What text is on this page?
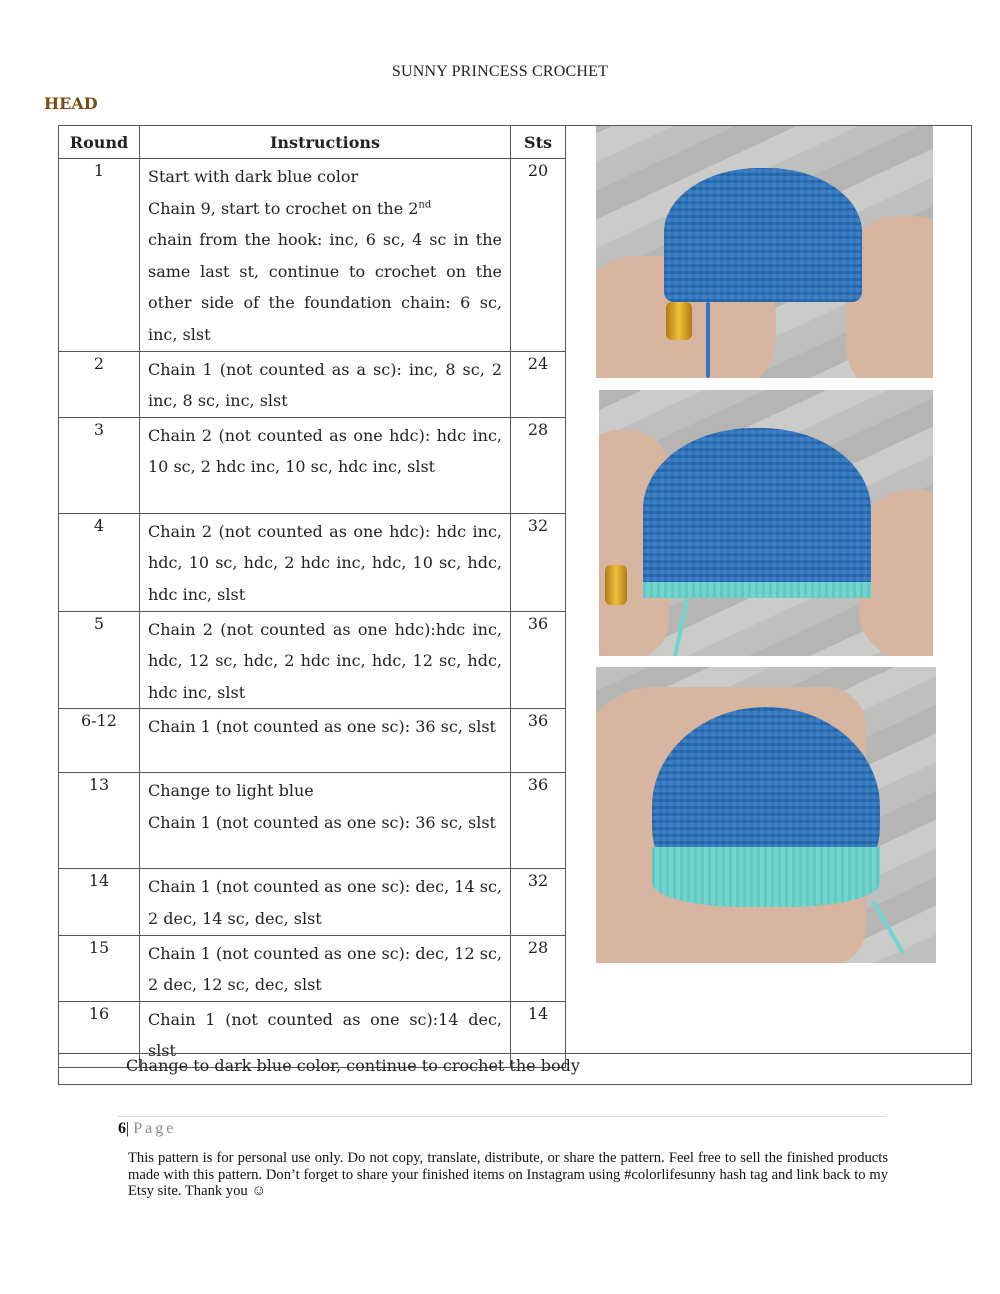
SUNNY PRINCESS CROCHET
HEAD
Round	Instructions	Sts
1	Start with dark blue color
Chain 9, start to crochet on the 2nd
chain from the hook: inc, 6 sc, 4 sc in the same last st, continue to crochet on the other side of the foundation chain: 6 sc, inc, slst	20
2	Chain 1 (not counted as a sc): inc, 8 sc, 2 inc, 8 sc, inc, slst	24
3	Chain 2 (not counted as one hdc): hdc inc, 10 sc, 2 hdc inc, 10 sc, hdc inc, slst	28
4	Chain 2 (not counted as one hdc): hdc inc, hdc, 10 sc, hdc, 2 hdc inc, hdc, 10 sc, hdc, hdc inc, slst	32
5	Chain 2 (not counted as one hdc):hdc inc, hdc, 12 sc, hdc, 2 hdc inc, hdc, 12 sc, hdc, hdc inc, slst	36
6-12	Chain 1 (not counted as one sc): 36 sc, slst	36
13	Change to light blue
Chain 1 (not counted as one sc): 36 sc, slst	36
14	Chain 1 (not counted as one sc): dec, 14 sc, 2 dec, 14 sc, dec, slst	32
15	Chain 1 (not counted as one sc): dec, 12 sc, 2 dec, 12 sc, dec, slst	28
16	Chain 1 (not counted as one sc):14 dec, slst	14
Change to dark blue color, continue to crochet the body
6| Page
This pattern is for personal use only. Do not copy, translate, distribute, or share the pattern. Feel free to sell the finished products made with this pattern. Don’t forget to share your finished items on Instagram using #colorlifesunny hash tag and link back to my Etsy site. Thank you ☺
